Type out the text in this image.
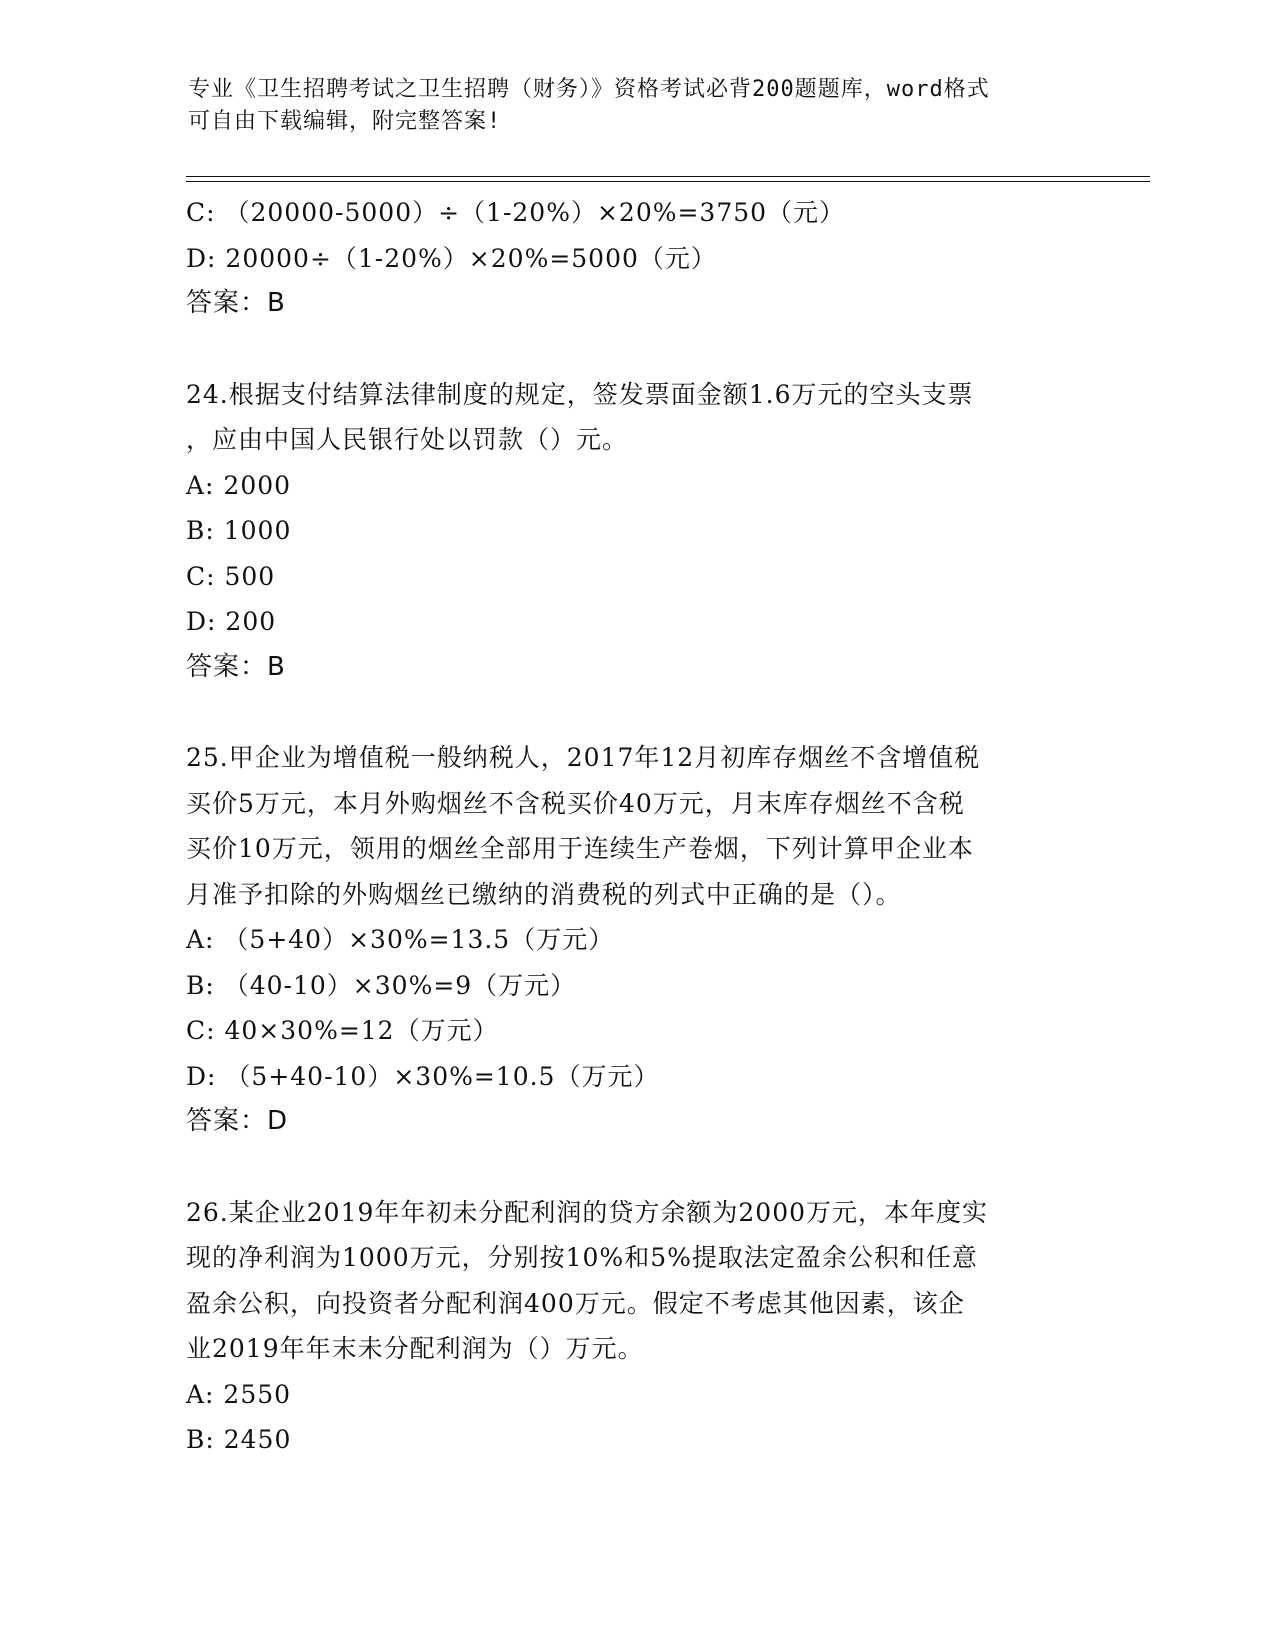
专业《卫生招聘考试之卫生招聘（财务）》资格考试必背200题题库，word格式
可自由下载编辑，附完整答案!
C: （20000-5000）÷（1-20%）×20%=3750（元）
D: 20000÷（1-20%）×20%=5000（元）
答案：B
24.根据支付结算法律制度的规定，签发票面金额1.6万元的空头支票
，应由中国人民银行处以罚款（）元。
A: 2000
B: 1000
C: 500
D: 200
答案：B
25.甲企业为增值税一般纳税人，2017年12月初库存烟丝不含增值税
买价5万元，本月外购烟丝不含税买价40万元，月末库存烟丝不含税
买价10万元，领用的烟丝全部用于连续生产卷烟，下列计算甲企业本
月准予扣除的外购烟丝已缴纳的消费税的列式中正确的是（）。
A: （5+40）×30%=13.5（万元）
B: （40-10）×30%=9（万元）
C: 40×30%=12（万元）
D: （5+40-10）×30%=10.5（万元）
答案：D
26.某企业2019年年初未分配利润的贷方余额为2000万元，本年度实
现的净利润为1000万元，分别按10%和5%提取法定盈余公积和任意
盈余公积，向投资者分配利润400万元。假定不考虑其他因素，该企
业2019年年末未分配利润为（）万元。
A: 2550
B: 2450
